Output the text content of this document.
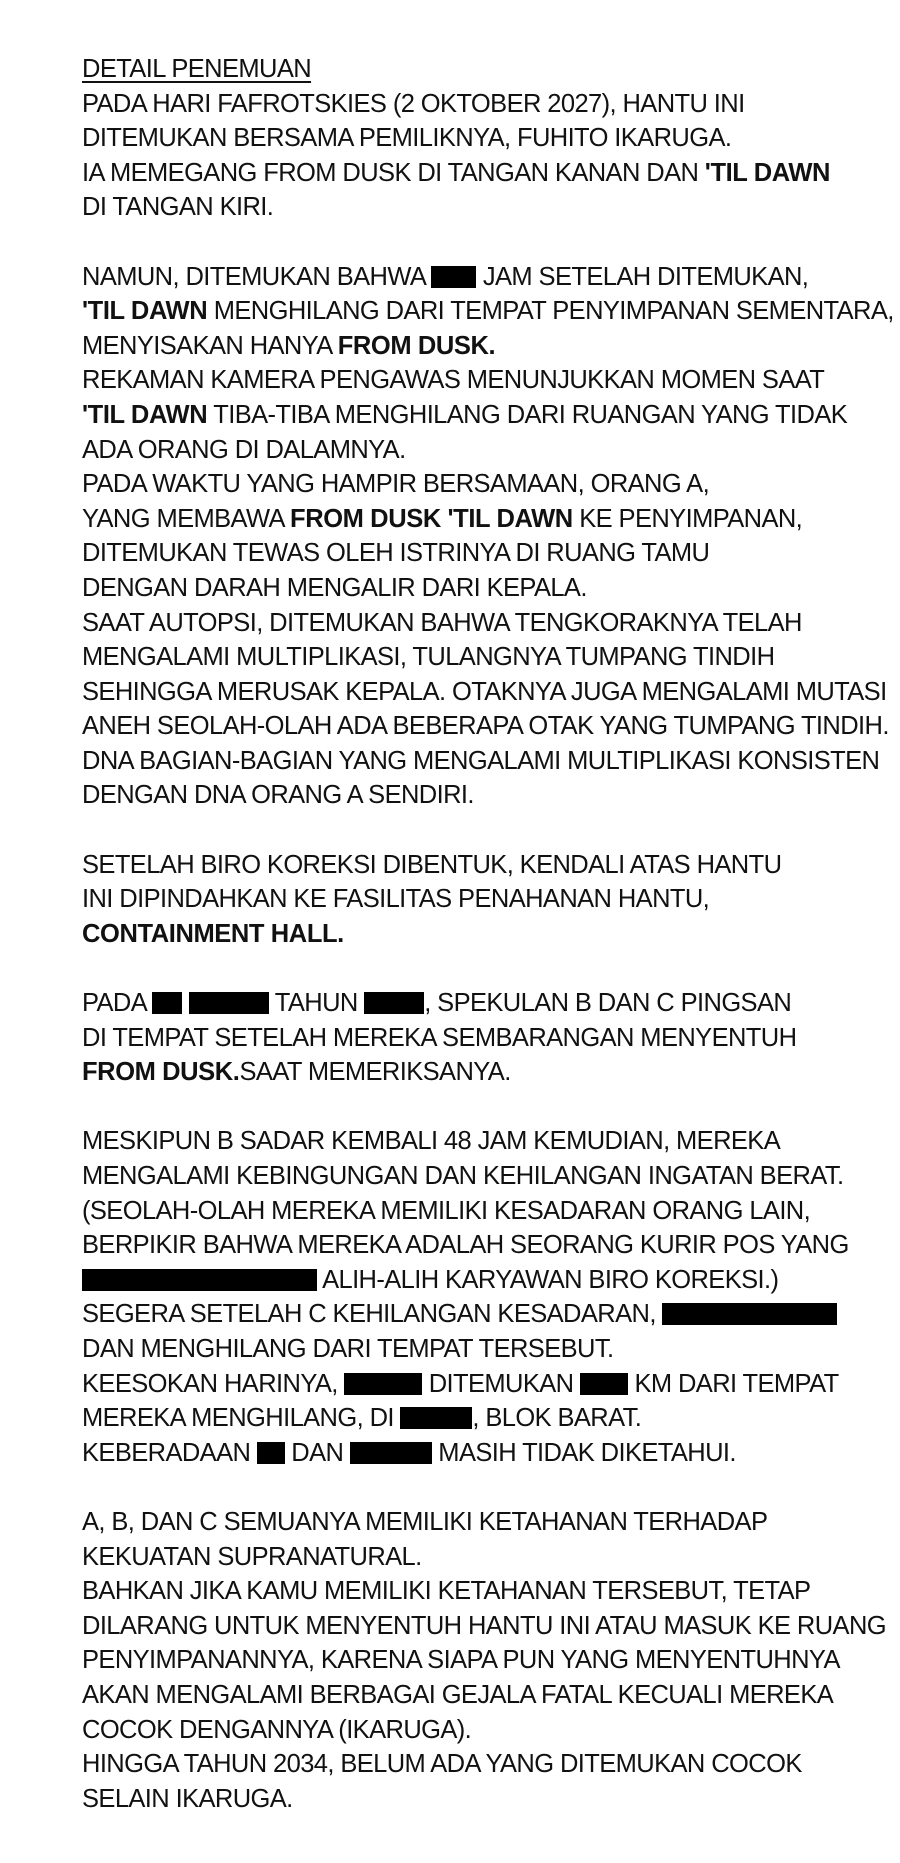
DETAIL PENEMUAN
PADA HARI FAFROTSKIES (2 OKTOBER 2027), HANTU INI
DITEMUKAN BERSAMA PEMILIKNYA, FUHITO IKARUGA.
IA MEMEGANG FROM DUSK DI TANGAN KANAN DAN 'TIL DAWN
DI TANGAN KIRI.
NAMUN, DITEMUKAN BAHWA  JAM SETELAH DITEMUKAN,
'TIL DAWN MENGHILANG DARI TEMPAT PENYIMPANAN SEMENTARA,
MENYISAKAN HANYA FROM DUSK.
REKAMAN KAMERA PENGAWAS MENUNJUKKAN MOMEN SAAT
'TIL DAWN TIBA-TIBA MENGHILANG DARI RUANGAN YANG TIDAK
ADA ORANG DI DALAMNYA.
PADA WAKTU YANG HAMPIR BERSAMAAN, ORANG A,
YANG MEMBAWA FROM DUSK 'TIL DAWN KE PENYIMPANAN,
DITEMUKAN TEWAS OLEH ISTRINYA DI RUANG TAMU
DENGAN DARAH MENGALIR DARI KEPALA.
SAAT AUTOPSI, DITEMUKAN BAHWA TENGKORAKNYA TELAH
MENGALAMI MULTIPLIKASI, TULANGNYA TUMPANG TINDIH
SEHINGGA MERUSAK KEPALA. OTAKNYA JUGA MENGALAMI MUTASI
ANEH SEOLAH-OLAH ADA BEBERAPA OTAK YANG TUMPANG TINDIH.
DNA BAGIAN-BAGIAN YANG MENGALAMI MULTIPLIKASI KONSISTEN
DENGAN DNA ORANG A SENDIRI.
SETELAH BIRO KOREKSI DIBENTUK, KENDALI ATAS HANTU
INI DIPINDAHKAN KE FASILITAS PENAHANAN HANTU,
CONTAINMENT HALL.
PADA	TAHUN , SPEKULAN B DAN C PINGSAN
DI TEMPAT SETELAH MEREKA SEMBARANGAN MENYENTUH
FROM DUSK.SAAT MEMERIKSANYA.
MESKIPUN B SADAR KEMBALI 48 JAM KEMUDIAN, MEREKA
MENGALAMI KEBINGUNGAN DAN KEHILANGAN INGATAN BERAT.
(SEOLAH-OLAH MEREKA MEMILIKI KESADARAN ORANG LAIN,
BERPIKIR BAHWA MEREKA ADALAH SEORANG KURIR POS YANG
ALIH-ALIH KARYAWAN BIRO KOREKSI.)
SEGERA SETELAH C KEHILANGAN KESADARAN,
DAN MENGHILANG DARI TEMPAT TERSEBUT.
KEESOKAN HARINYA,	DITEMUKAN  KM DARI TEMPAT
MEREKA MENGHILANG, DI	, BLOK BARAT.
KEBERADAAN  DAN	MASIH TIDAK DIKETAHUI.
A, B, DAN C SEMUANYA MEMILIKI KETAHANAN TERHADAP
KEKUATAN SUPRANATURAL.
BAHKAN JIKA KAMU MEMILIKI KETAHANAN TERSEBUT, TETAP
DILARANG UNTUK MENYENTUH HANTU INI ATAU MASUK KE RUANG
PENYIMPANANNYA, KARENA SIAPA PUN YANG MENYENTUHNYA
AKAN MENGALAMI BERBAGAI GEJALA FATAL KECUALI MEREKA
COCOK DENGANNYA (IKARUGA).
HINGGA TAHUN 2034, BELUM ADA YANG DITEMUKAN COCOK
SELAIN IKARUGA.
